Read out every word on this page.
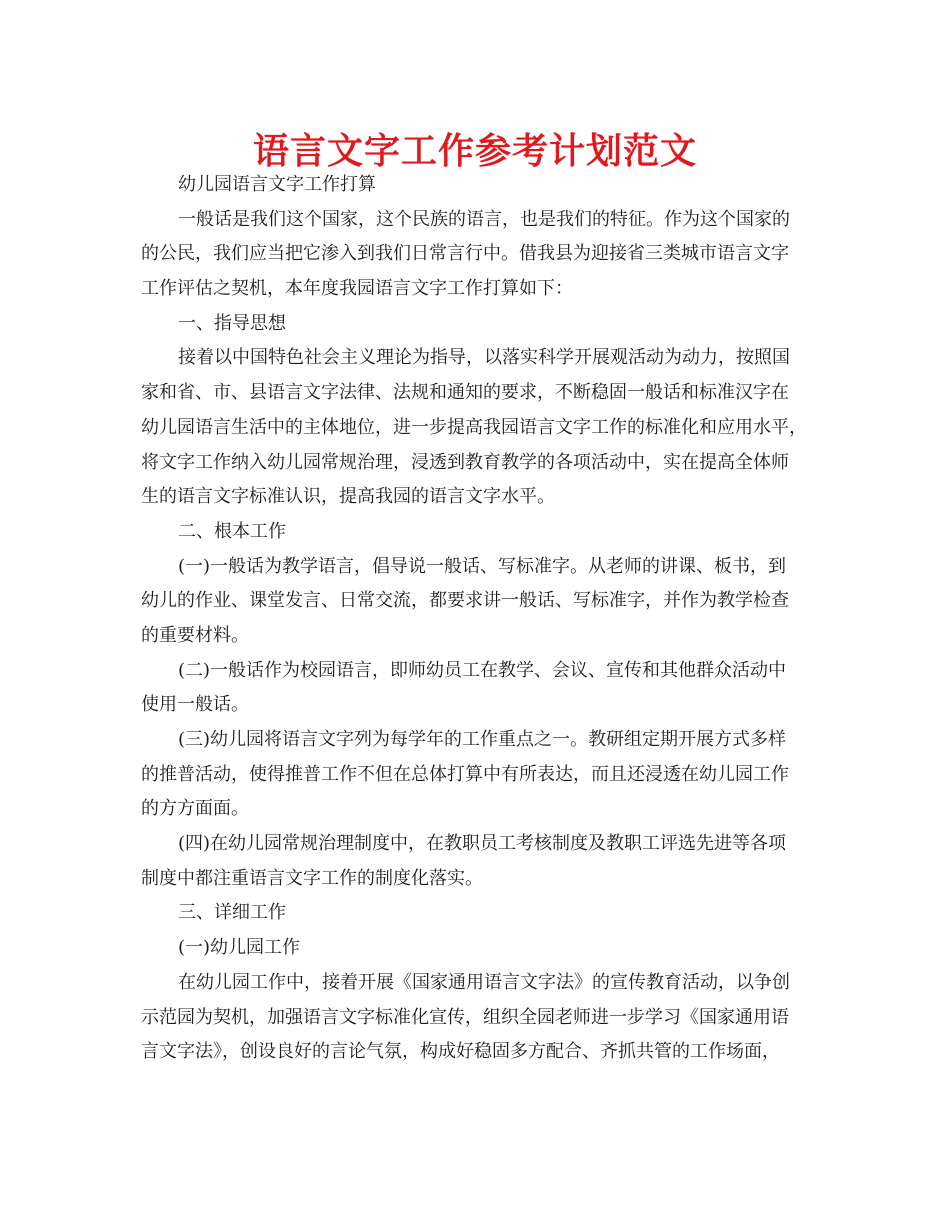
语言文字工作参考计划范文
幼儿园语言文字工作打算
一般话是我们这个国家，这个民族的语言，也是我们的特征。作为这个国家的
的公民，我们应当把它渗入到我们日常言行中。借我县为迎接省三类城市语言文字
工作评估之契机，本年度我园语言文字工作打算如下：
一、指导思想
接着以中国特色社会主义理论为指导，以落实科学开展观活动为动力，按照国
家和省、市、县语言文字法律、法规和通知的要求，不断稳固一般话和标准汉字在
幼儿园语言生活中的主体地位，进一步提高我园语言文字工作的标准化和应用水平，
将文字工作纳入幼儿园常规治理，浸透到教育教学的各项活动中，实在提高全体师
生的语言文字标准认识，提高我园的语言文字水平。
二、根本工作
(一)一般话为教学语言，倡导说一般话、写标准字。从老师的讲课、板书，到
幼儿的作业、课堂发言、日常交流，都要求讲一般话、写标准字，并作为教学检查
的重要材料。
(二)一般话作为校园语言，即师幼员工在教学、会议、宣传和其他群众活动中
使用一般话。
(三)幼儿园将语言文字列为每学年的工作重点之一。教研组定期开展方式多样
的推普活动，使得推普工作不但在总体打算中有所表达，而且还浸透在幼儿园工作
的方方面面。
(四)在幼儿园常规治理制度中，在教职员工考核制度及教职工评选先进等各项
制度中都注重语言文字工作的制度化落实。
三、详细工作
(一)幼儿园工作
在幼儿园工作中，接着开展《国家通用语言文字法》的宣传教育活动，以争创
示范园为契机，加强语言文字标准化宣传，组织全园老师进一步学习《国家通用语
言文字法》，创设良好的言论气氛，构成好稳固多方配合、齐抓共管的工作场面，
